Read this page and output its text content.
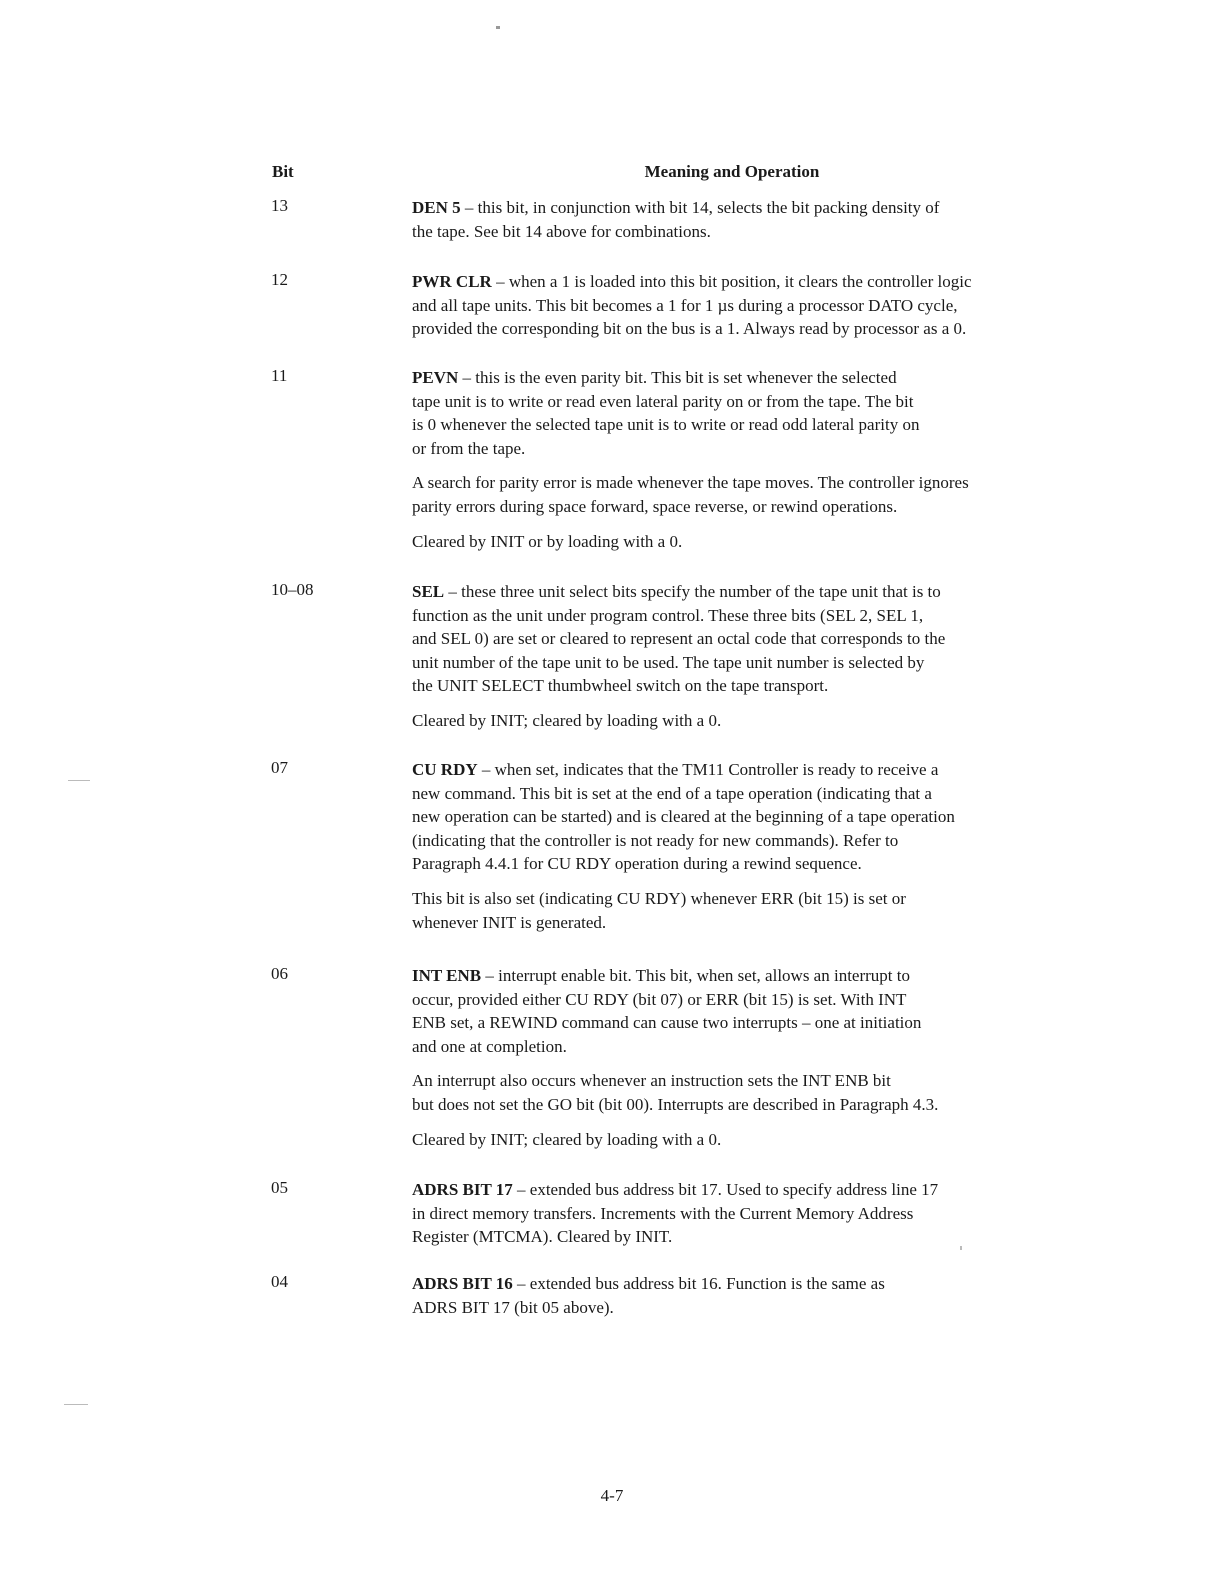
Bit	Meaning and Operation
13	DEN 5 – this bit, in conjunction with bit 14, selects the bit packing density of
the tape. See bit 14 above for combinations.
12	PWR CLR – when a 1 is loaded into this bit position, it clears the controller logic
and all tape units. This bit becomes a 1 for 1 µs during a processor DATO cycle,
provided the corresponding bit on the bus is a 1. Always read by processor as a 0.
11	PEVN – this is the even parity bit. This bit is set whenever the selected
tape unit is to write or read even lateral parity on or from the tape. The bit
is 0 whenever the selected tape unit is to write or read odd lateral parity on
or from the tape.
A search for parity error is made whenever the tape moves. The controller ignores
parity errors during space forward, space reverse, or rewind operations.
Cleared by INIT or by loading with a 0.
10–08	SEL – these three unit select bits specify the number of the tape unit that is to
function as the unit under program control. These three bits (SEL 2, SEL 1,
and SEL 0) are set or cleared to represent an octal code that corresponds to the
unit number of the tape unit to be used. The tape unit number is selected by
the UNIT SELECT thumbwheel switch on the tape transport.
Cleared by INIT; cleared by loading with a 0.
07	CU RDY – when set, indicates that the TM11 Controller is ready to receive a
new command. This bit is set at the end of a tape operation (indicating that a
new operation can be started) and is cleared at the beginning of a tape operation
(indicating that the controller is not ready for new commands). Refer to
Paragraph 4.4.1 for CU RDY operation during a rewind sequence.
This bit is also set (indicating CU RDY) whenever ERR (bit 15) is set or
whenever INIT is generated.
06	INT ENB – interrupt enable bit. This bit, when set, allows an interrupt to
occur, provided either CU RDY (bit 07) or ERR (bit 15) is set. With INT
ENB set, a REWIND command can cause two interrupts – one at initiation
and one at completion.
An interrupt also occurs whenever an instruction sets the INT ENB bit
but does not set the GO bit (bit 00). Interrupts are described in Paragraph 4.3.
Cleared by INIT; cleared by loading with a 0.
05	ADRS BIT 17 – extended bus address bit 17. Used to specify address line 17
in direct memory transfers. Increments with the Current Memory Address
Register (MTCMA). Cleared by INIT.
04	ADRS BIT 16 – extended bus address bit 16. Function is the same as
ADRS BIT 17 (bit 05 above).
4-7
